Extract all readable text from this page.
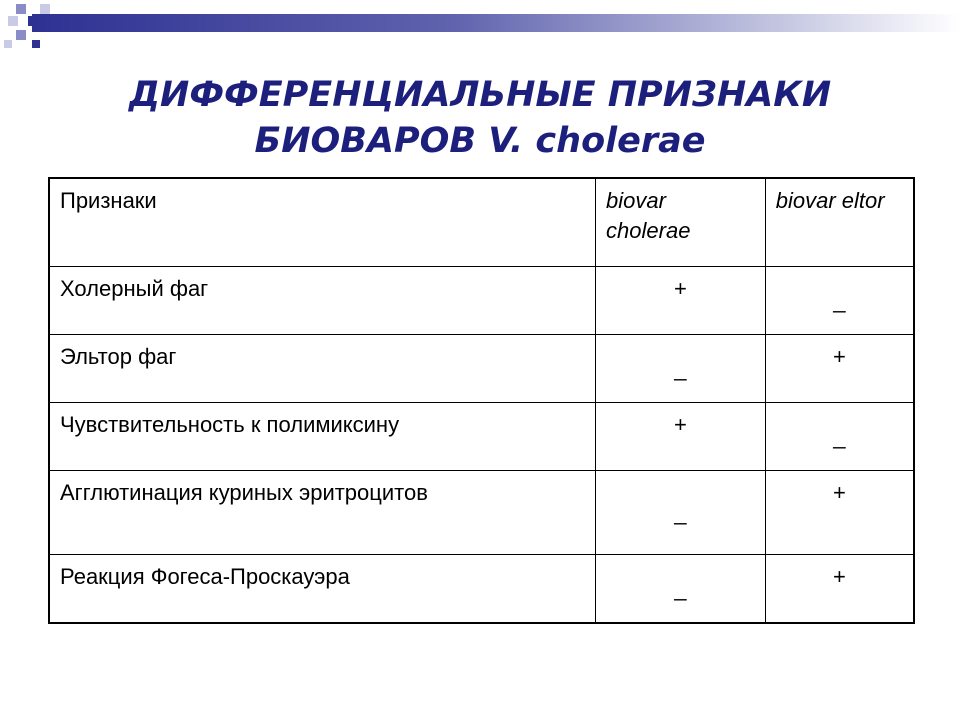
ДИФФЕРЕНЦИАЛЬНЫЕ ПРИЗНАКИ
БИОВАРОВ V. cholerae
Признаки	biovar cholerae	biovar eltor
Холерный фаг	+	_
Эльтор фаг	_	+
Чувствительность к полимиксину	+	_
Агглютинация куриных эритроцитов	_	+
Реакция Фогеса-Проскауэра	_	+
